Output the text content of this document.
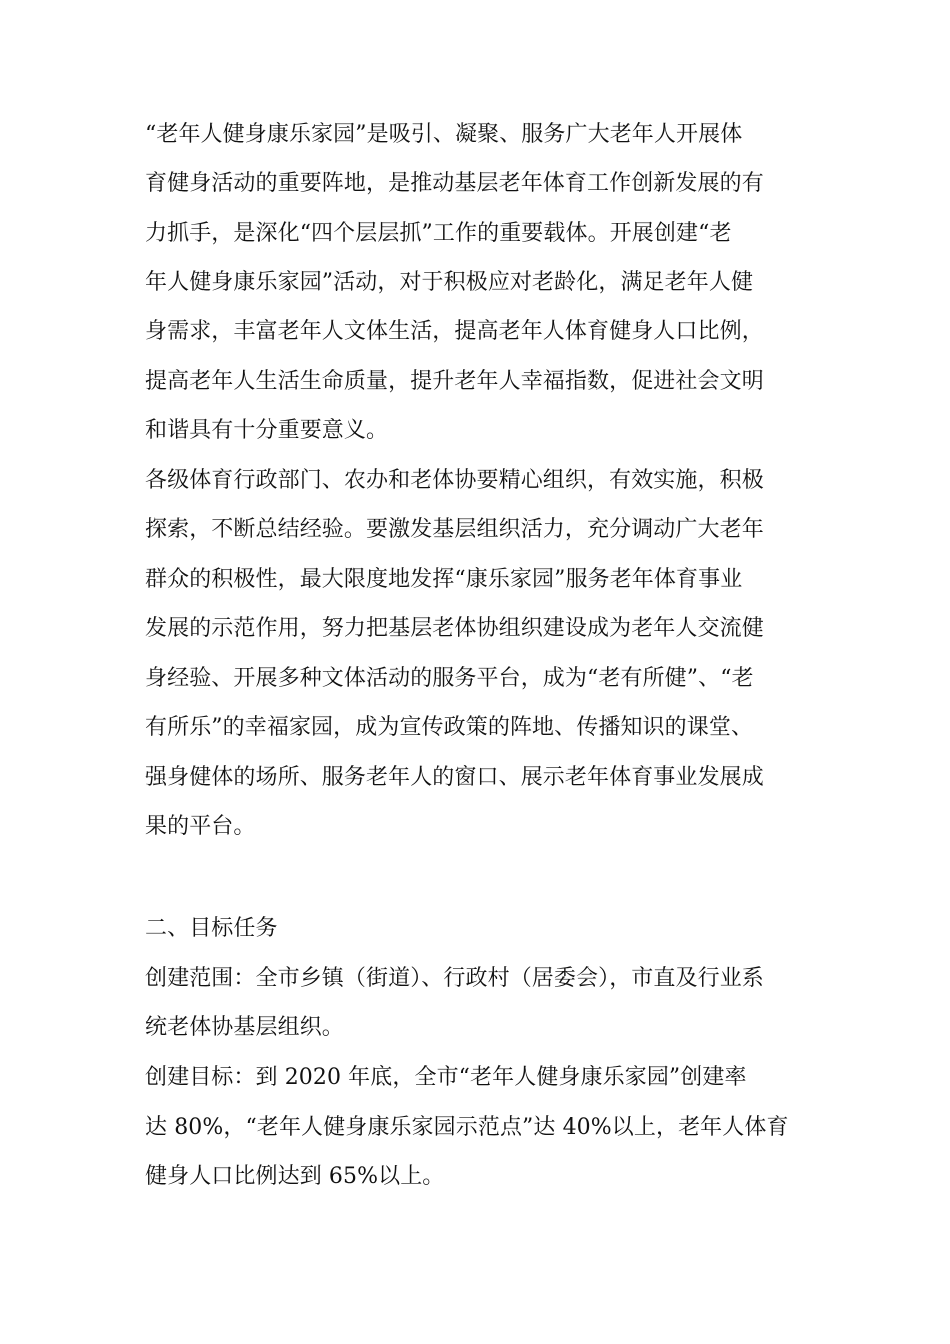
“老年人健身康乐家园”是吸引、凝聚、服务广大老年人开展体
育健身活动的重要阵地，是推动基层老年体育工作创新发展的有
力抓手，是深化“四个层层抓”工作的重要载体。开展创建“老
年人健身康乐家园”活动，对于积极应对老龄化，满足老年人健
身需求，丰富老年人文体生活，提高老年人体育健身人口比例，
提高老年人生活生命质量，提升老年人幸福指数，促进社会文明
和谐具有十分重要意义。
各级体育行政部门、农办和老体协要精心组织，有效实施，积极
探索，不断总结经验。要激发基层组织活力，充分调动广大老年
群众的积极性，最大限度地发挥“康乐家园”服务老年体育事业
发展的示范作用，努力把基层老体协组织建设成为老年人交流健
身经验、开展多种文体活动的服务平台，成为“老有所健”、“老
有所乐”的幸福家园，成为宣传政策的阵地、传播知识的课堂、
强身健体的场所、服务老年人的窗口、展示老年体育事业发展成
果的平台。
二、目标任务
创建范围：全市乡镇（街道）、行政村（居委会），市直及行业系
统老体协基层组织。
创建目标：到 2020 年底，全市“老年人健身康乐家园”创建率
达 80%，“老年人健身康乐家园示范点”达 40%以上，老年人体育
健身人口比例达到 65%以上。
